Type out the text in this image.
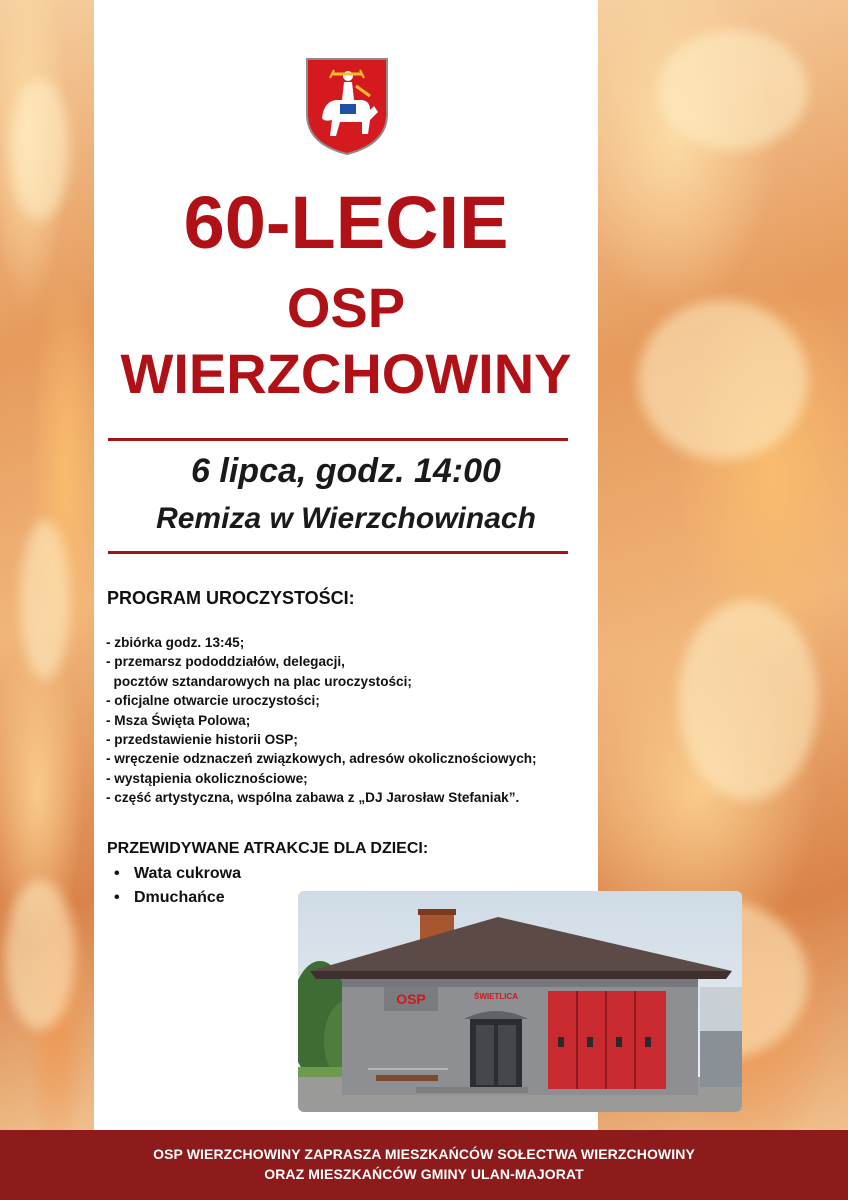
60-LECIE
OSP
WIERZCHOWINY

6 lipca, godz. 14:00

Remiza w Wierzchowinach

PROGRAM UROCZYSTOŚCI:
- zbiórka godz. 13:45;
- przemarsz pododdziałów, delegacji,
pocztów sztandarowych na plac uroczystości;
- oficjalne otwarcie uroczystości;
- Msza Święta Polowa;
- przedstawienie historii OSP;
- wręczenie odznaczeń związkowych, adresów okolicznościowych;
- wystąpienia okolicznościowe;
- część artystyczna, wspólna zabawa z „DJ Jarosław Stefaniak”.
PRZEWIDYWANE ATRAKCJE DLA DZIECI:
• Wata cukrowa
• Dmuchańce
OSP	ŚWIETLICA
OSP WIERZCHOWINY ZAPRASZA MIESZKAŃCÓW SOŁECTWA WIERZCHOWINY
ORAZ MIESZKAŃCÓW GMINY ULAN-MAJORAT
